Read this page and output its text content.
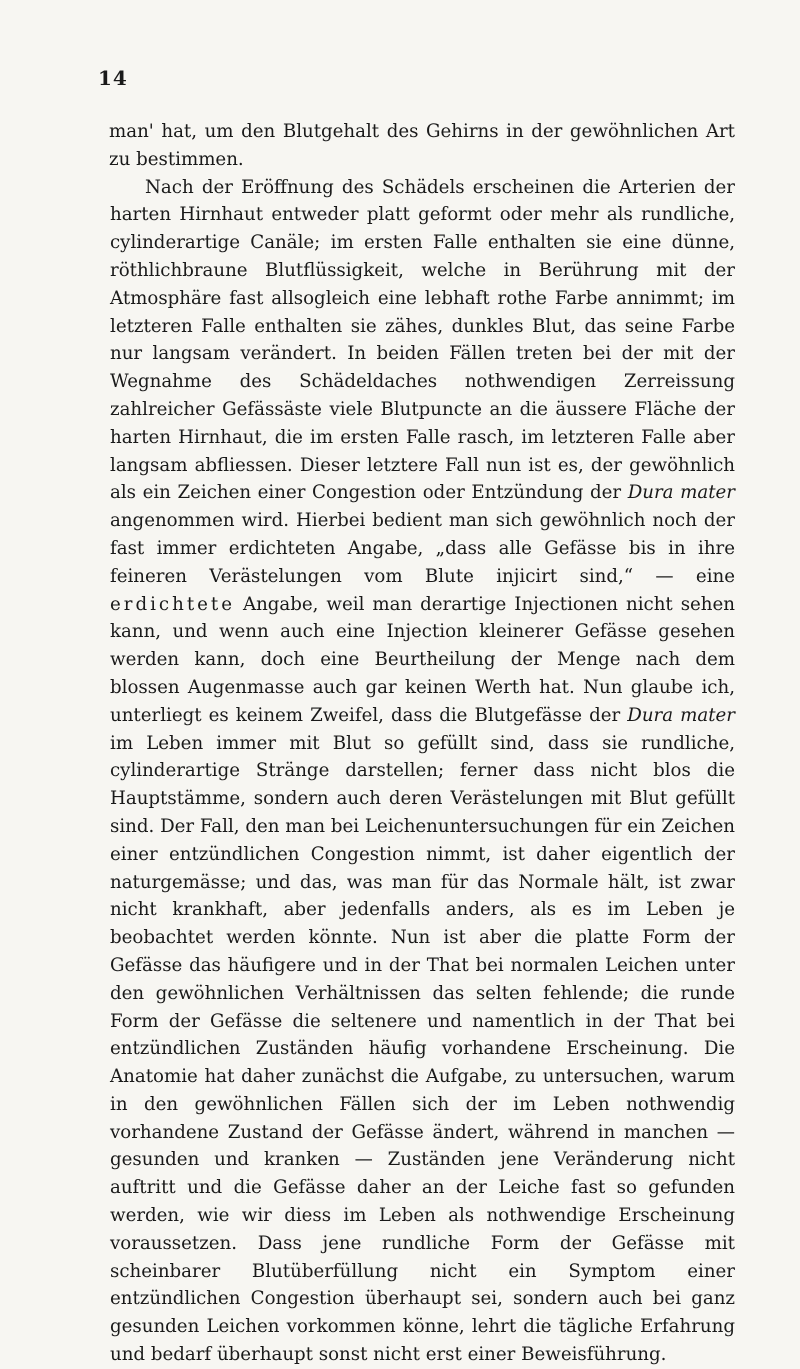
14

man' hat, um den Blutgehalt des Gehirns in der gewöhnlichen Art zu bestimmen.

Nach der Eröffnung des Schädels erscheinen die Arterien der harten Hirnhaut entweder platt geformt oder mehr als rundliche, cylinderartige Canäle; im ersten Falle enthalten sie eine dünne, röthlichbraune Blutflüssigkeit, welche in Berührung mit der Atmosphäre fast allsogleich eine lebhaft rothe Farbe annimmt; im letzteren Falle enthalten sie zähes, dunkles Blut, das seine Farbe nur langsam verändert. In beiden Fällen treten bei der mit der Wegnahme des Schädeldaches nothwendigen Zerreissung zahlreicher Gefässäste viele Blutpuncte an die äussere Fläche der harten Hirnhaut, die im ersten Falle rasch, im letzteren Falle aber langsam abfliessen. Dieser letztere Fall nun ist es, der gewöhnlich als ein Zeichen einer Congestion oder Entzündung der Dura mater angenommen wird. Hierbei bedient man sich gewöhnlich noch der fast immer erdichteten Angabe, „dass alle Gefässe bis in ihre feineren Verästelungen vom Blute injicirt sind,“ — eine erdichtete Angabe, weil man derartige Injectionen nicht sehen kann, und wenn auch eine Injection kleinerer Gefässe gesehen werden kann, doch eine Beurtheilung der Menge nach dem blossen Augenmasse auch gar keinen Werth hat. Nun glaube ich, unterliegt es keinem Zweifel, dass die Blutgefässe der Dura mater im Leben immer mit Blut so gefüllt sind, dass sie rundliche, cylinderartige Stränge darstellen; ferner dass nicht blos die Hauptstämme, sondern auch deren Verästelungen mit Blut gefüllt sind. Der Fall, den man bei Leichenuntersuchungen für ein Zeichen einer entzündlichen Congestion nimmt, ist daher eigentlich der naturgemässe; und das, was man für das Normale hält, ist zwar nicht krankhaft, aber jedenfalls anders, als es im Leben je beobachtet werden könnte. Nun ist aber die platte Form der Gefässe das häufigere und in der That bei normalen Leichen unter den gewöhnlichen Verhältnissen das selten fehlende; die runde Form der Gefässe die seltenere und namentlich in der That bei entzündlichen Zuständen häufig vorhandene Erscheinung. Die Anatomie hat daher zunächst die Aufgabe, zu untersuchen, warum in den gewöhnlichen Fällen sich der im Leben nothwendig vorhandene Zustand der Gefässe ändert, während in manchen — gesunden und kranken — Zuständen jene Veränderung nicht auftritt und die Gefässe daher an der Leiche fast so gefunden werden, wie wir diess im Leben als nothwendige Erscheinung voraussetzen. Dass jene rundliche Form der Gefässe mit scheinbarer Blutüberfüllung nicht ein Symptom einer entzündlichen Congestion überhaupt sei, sondern auch bei ganz gesunden Leichen vorkommen könne, lehrt die tägliche Erfahrung und bedarf überhaupt sonst nicht erst einer Beweisführung.
